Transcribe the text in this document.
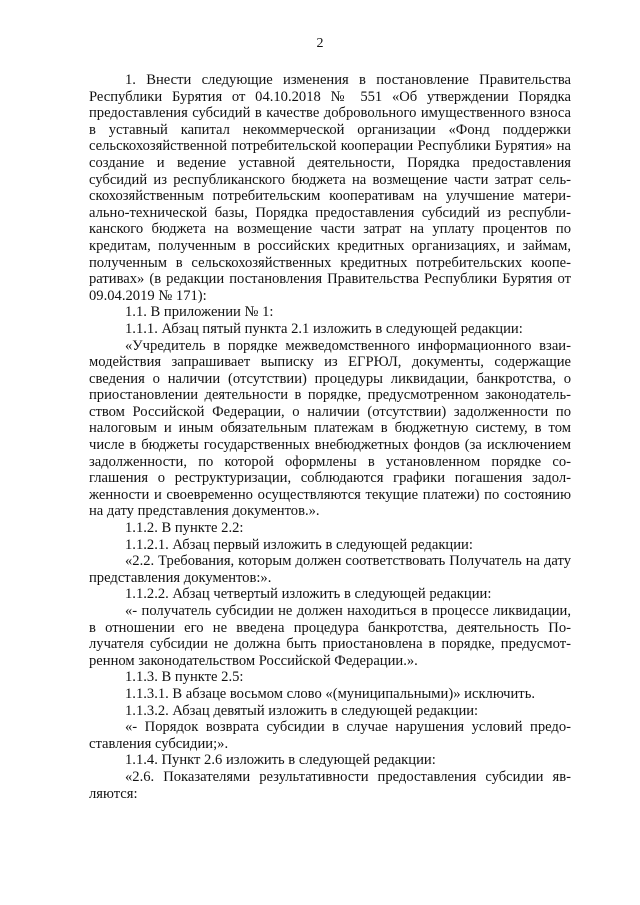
2

1. Внести следующие изменения в постановление Правительства Республики Бурятия от 04.10.2018 № 551 «Об утверждении Порядка предоставления субсидий в качестве добровольного имущественного взноса в уставный капитал некоммерческой организации «Фонд поддержки сельскохозяйственной потребительской кооперации Республики Бурятия» на создание и ведение уставной деятельности, Порядка предоставления субсидий из республиканского бюджета на возмещение части затрат сельскохозяйственным потребительским кооперативам на улучшение материально-технической базы, Порядка предоставления субсидий из республиканского бюджета на возмещение части затрат на уплату процентов по кредитам, полученным в российских кредитных организациях, и займам, полученным в сельскохозяйственных кредитных потребительских кооперативах» (в редакции постановления Правительства Республики Бурятия от 09.04.2019 № 171):

1.1. В приложении № 1:

1.1.1. Абзац пятый пункта 2.1 изложить в следующей редакции:

«Учредитель в порядке межведомственного информационного взаимодействия запрашивает выписку из ЕГРЮЛ, документы, содержащие сведения о наличии (отсутствии) процедуры ликвидации, банкротства, о приостановлении деятельности в порядке, предусмотренном законодательством Российской Федерации, о наличии (отсутствии) задолженности по налоговым и иным обязательным платежам в бюджетную систему, в том числе в бюджеты государственных внебюджетных фондов (за исключением задолженности, по которой оформлены в установленном порядке соглашения о реструктуризации, соблюдаются графики погашения задолженности и своевременно осуществляются текущие платежи) по состоянию на дату представления документов.».

1.1.2. В пункте 2.2:

1.1.2.1. Абзац первый изложить в следующей редакции:

«2.2. Требования, которым должен соответствовать Получатель на дату представления документов:».

1.1.2.2. Абзац четвертый изложить в следующей редакции:

«- получатель субсидии не должен находиться в процессе ликвидации, в отношении его не введена процедура банкротства, деятельность Получателя субсидии не должна быть приостановлена в порядке, предусмотренном законодательством Российской Федерации.».

1.1.3. В пункте 2.5:

1.1.3.1. В абзаце восьмом слово «(муниципальными)» исключить.

1.1.3.2. Абзац девятый изложить в следующей редакции:

«- Порядок возврата субсидии в случае нарушения условий предоставления субсидии;».

1.1.4. Пункт 2.6 изложить в следующей редакции:

«2.6. Показателями результативности предоставления субсидии являются:
